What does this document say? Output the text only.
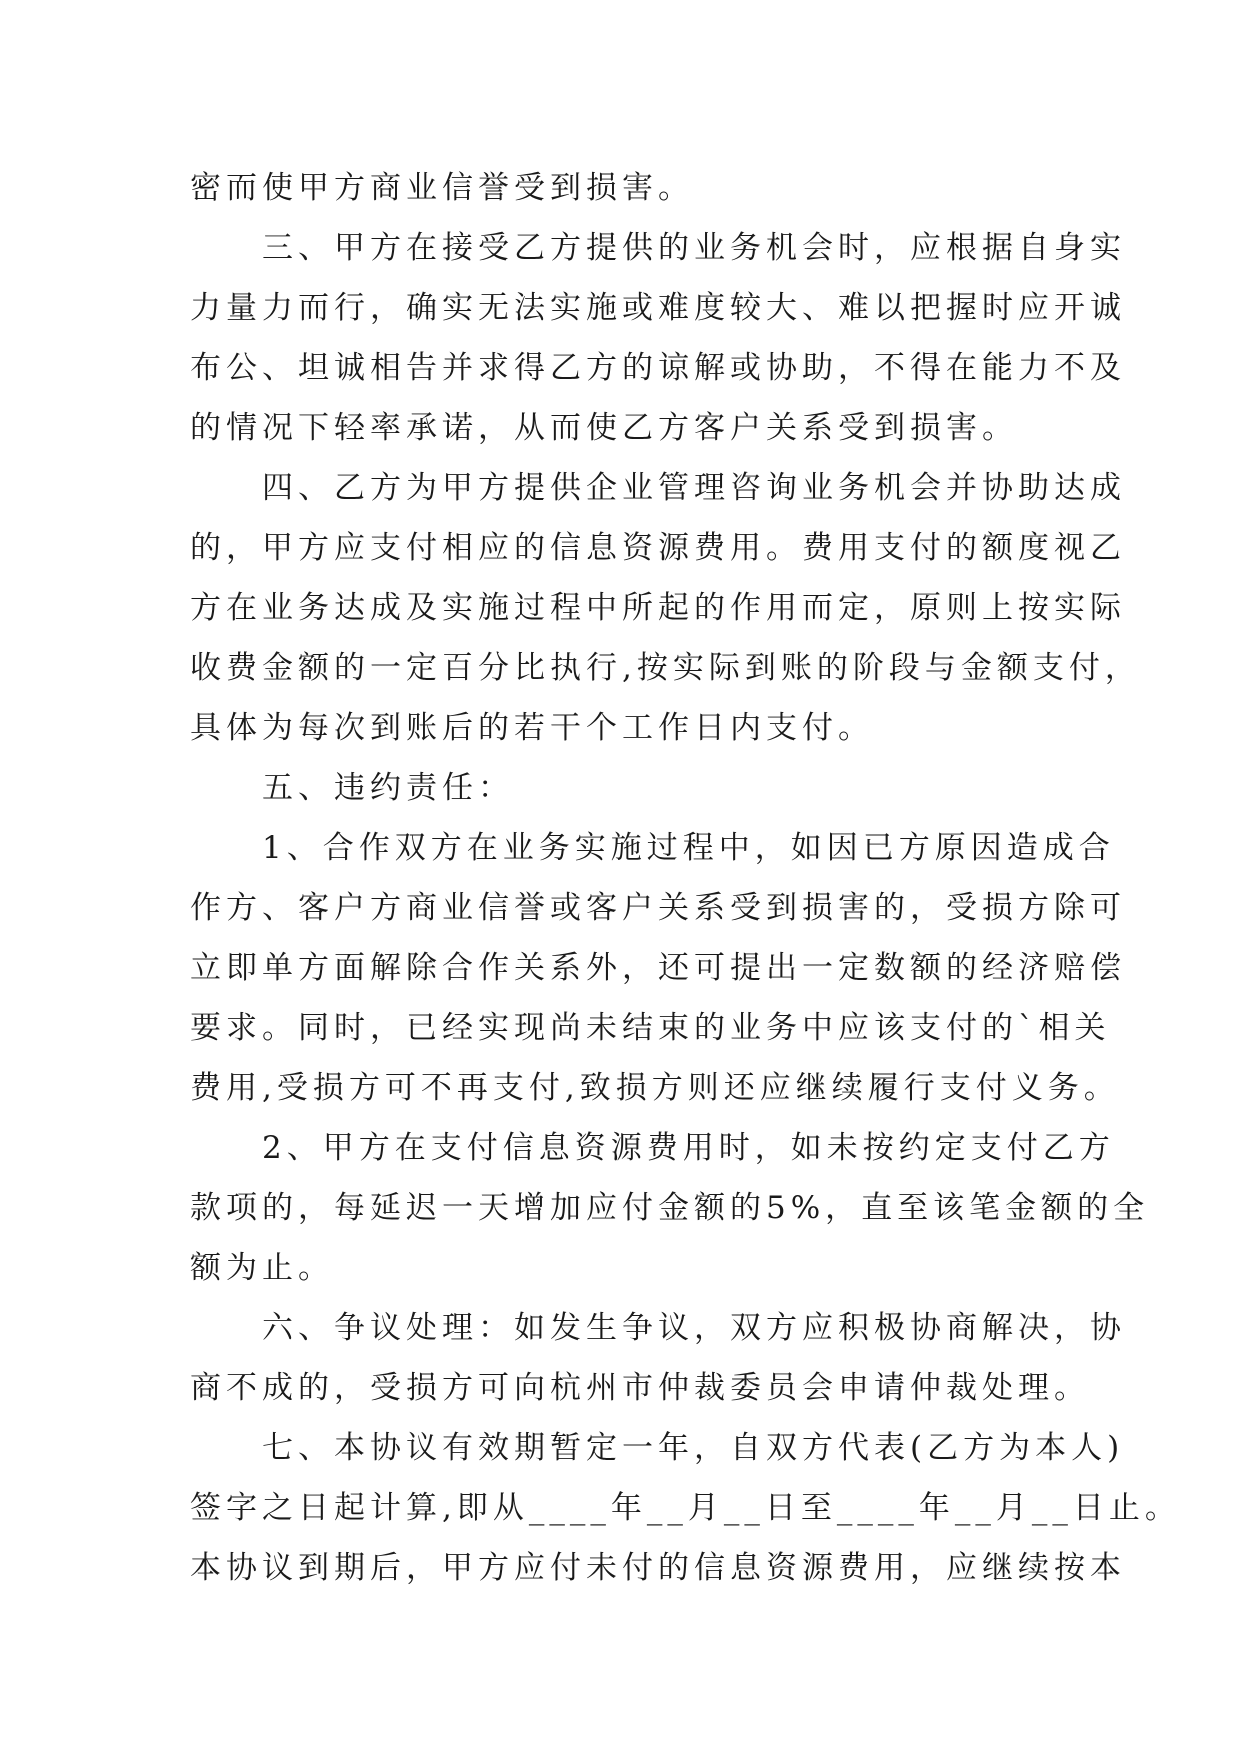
密而使甲方商业信誉受到损害。
　　三、甲方在接受乙方提供的业务机会时，应根据自身实
力量力而行，确实无法实施或难度较大、难以把握时应开诚
布公、坦诚相告并求得乙方的谅解或协助，不得在能力不及
的情况下轻率承诺，从而使乙方客户关系受到损害。
　　四、乙方为甲方提供企业管理咨询业务机会并协助达成
的，甲方应支付相应的信息资源费用。费用支付的额度视乙
方在业务达成及实施过程中所起的作用而定，原则上按实际
收费金额的一定百分比执行,按实际到账的阶段与金额支付，
具体为每次到账后的若干个工作日内支付。
　　五、违约责任：
　　1、合作双方在业务实施过程中，如因已方原因造成合
作方、客户方商业信誉或客户关系受到损害的，受损方除可
立即单方面解除合作关系外，还可提出一定数额的经济赔偿
要求。同时，已经实现尚未结束的业务中应该支付的`相关
费用,受损方可不再支付,致损方则还应继续履行支付义务。
　　2、甲方在支付信息资源费用时，如未按约定支付乙方
款项的，每延迟一天增加应付金额的5%，直至该笔金额的全
额为止。
　　六、争议处理：如发生争议，双方应积极协商解决，协
商不成的，受损方可向杭州市仲裁委员会申请仲裁处理。
　　七、本协议有效期暂定一年，自双方代表(乙方为本人)
签字之日起计算,即从____年__月__日至____年__月__日止。
本协议到期后，甲方应付未付的信息资源费用，应继续按本
